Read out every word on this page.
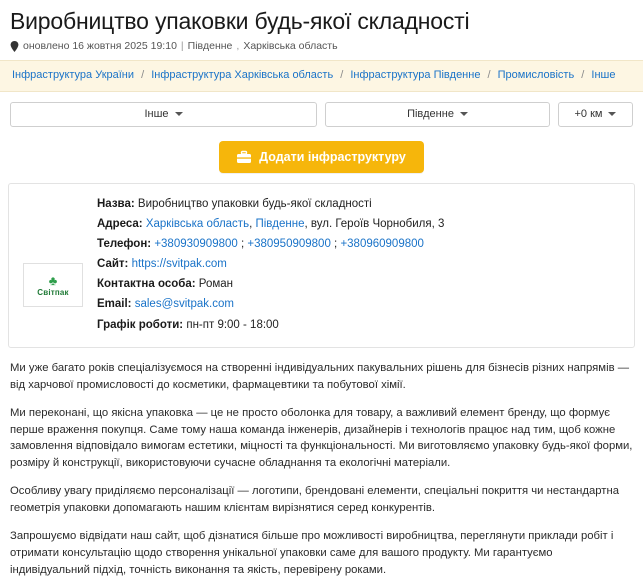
Виробництво упаковки будь-якої складності
оновлено 16 жовтня 2025 19:10 | Південне , Харківська область
Інфраструктура України / Інфраструктура Харківська область / Інфраструктура Південне / Промисловість / Інше
Інше	Південне	+0 км
Додати інфраструктуру
♣
Світпак
Назва: Виробництво упаковки будь-якої складності
Адреса: Харківська область, Південне, вул. Героїв Чорнобиля, 3
Телефон: +380930909800 ; +380950909800 ; +380960909800
Сайт: https://svitpak.com
Контактна особа: Роман
Email: sales@svitpak.com
Графік роботи: пн-пт 9:00 - 18:00

Ми уже багато років спеціалізуємося на створенні індивідуальних пакувальних рішень для бізнесів різних напрямів — від харчової промисловості до косметики, фармацевтики та побутової хімії.

Ми переконані, що якісна упаковка — це не просто оболонка для товару, а важливий елемент бренду, що формує перше враження покупця. Саме тому наша команда інженерів, дизайнерів і технологів працює над тим, щоб кожне замовлення відповідало вимогам естетики, міцності та функціональності. Ми виготовляємо упаковку будь-якої форми, розміру й конструкції, використовуючи сучасне обладнання та екологічні матеріали.

Особливу увагу приділяємо персоналізації — логотипи, брендовані елементи, спеціальні покриття чи нестандартна геометрія упаковки допомагають нашим клієнтам вирізнятися серед конкурентів.

Запрошуємо відвідати наш сайт, щоб дізнатися більше про можливості виробництва, переглянути приклади робіт і отримати консультацію щодо створення унікальної упаковки саме для вашого продукту. Ми гарантуємо індивідуальний підхід, точність виконання та якість, перевірену роками.
